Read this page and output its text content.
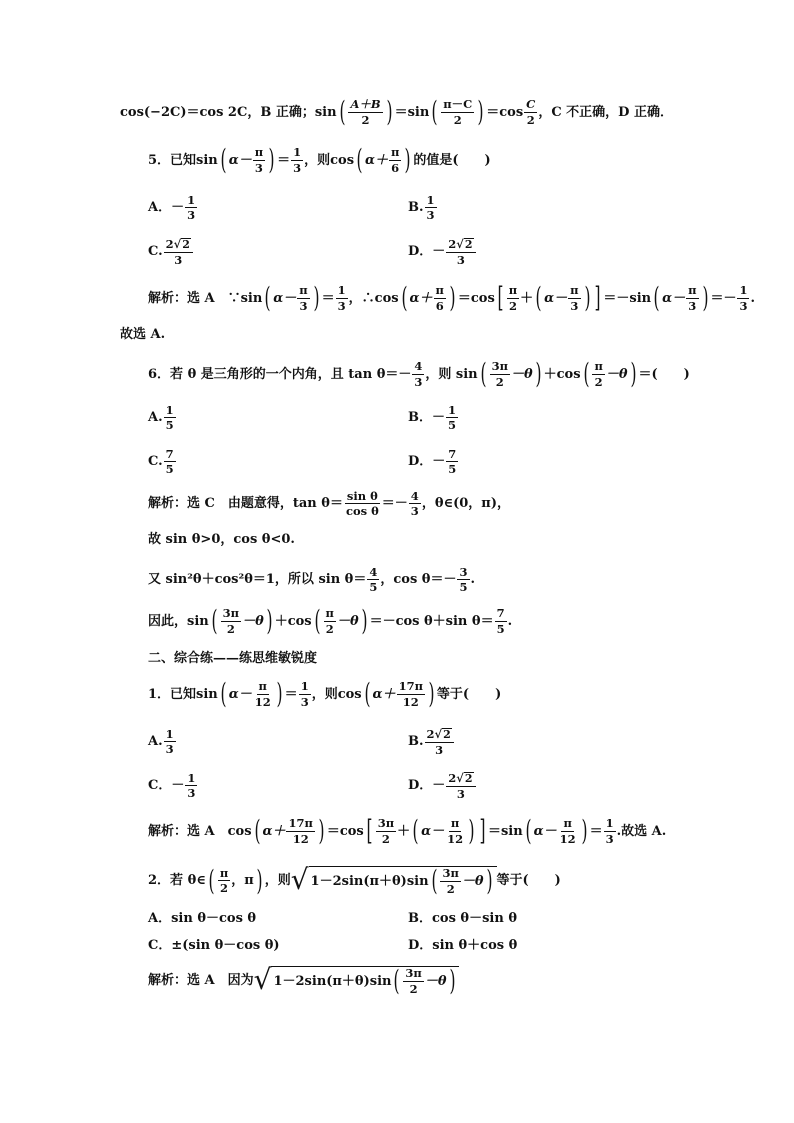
cos(−2C)＝cos 2C，B 正确；sin ( $\frac{A+B}{2}$ ) ＝sin ( $\frac{\pi-C}{2}$ ) $=\cos \frac{C}{2}$ ，C 不正确，D 正确．
5．已知sin ( $\alpha- \frac{\pi}{3}$ ) ＝ $\frac{1}{3}$ ，则cos ( $\alpha+ \frac{\pi}{6}$ ) 的值是(　　)
A．－ $\frac{1}{3}$	B. $\frac{1}{3}$
C. $\frac{2 √ 2}{3}$	D．－ $\frac{2 √ 2}{3}$
解析：选 A　∵sin ( $\alpha- \frac{\pi}{3}$ ) ＝ $\frac{1}{3}$ ，∴cos ( $\alpha+ \frac{\pi}{6}$ ) ＝cos [ $\frac{\pi}{2}$ ＋ ( $\alpha- \frac{\pi}{3}$ ) ] ＝－sin ( $\alpha- \frac{\pi}{3}$ ) ＝－ $\frac{1}{3}$ .
故选 A.
6．若 θ 是三角形的一个内角，且 $\tan \theta=- \frac{4}{3}$ ，则 sin ( $\frac{3\pi}{2} -\theta$ ) ＋cos ( $\frac{\pi}{2} -\theta$ ) ＝(　　)
A. $\frac{1}{5}$	B．－ $\frac{1}{5}$
C. $\frac{7}{5}$	D．－ $\frac{7}{5}$
解析：选 C　由题意得，$\tan \theta= \frac{\text{sin θ}}{\text{cos θ}} =- \frac{4}{3}$ ，θ∈(0，π)，
故 sin θ>0，cos θ<0.
又 sin²θ＋cos²θ＝1，所以 $\sin \theta= \frac{4}{5}$ ，$\cos \theta=- \frac{3}{5}$ .
因此，sin ( $\frac{3\pi}{2} -\theta$ ) ＋cos ( $\frac{\pi}{2} -\theta$ ) ＝－cos θ＋sin $\theta= \frac{7}{5}$ .
二、综合练——练思维敏锐度
1．已知sin ( $\alpha- \frac{\pi}{12}$ ) ＝ $\frac{1}{3}$ ，则cos ( $\alpha+ \frac{17\pi}{12}$ ) 等于(　　)
A. $\frac{1}{3}$	B. $\frac{2 √ 2}{3}$
C．－ $\frac{1}{3}$	D．－ $\frac{2 √ 2}{3}$
解析：选 A　cos ( $\alpha+ \frac{17\pi}{12}$ ) ＝cos [ $\frac{3\pi}{2}$ ＋ ( $\alpha- \frac{\pi}{12}$ ) ] ＝sin ( $\alpha- \frac{\pi}{12}$ ) ＝ $\frac{1}{3}$ .故选 A.
2．若 θ∈ ( $\frac{\pi}{2}$ ，π ) ，则 √ 1－2sin(π＋θ)sin ( $\frac{3\pi}{2} -\theta$ ) 等于(　　)
A．sin θ－cos θ	B．cos θ－sin θ
C．±(sin θ－cos θ)	D．sin θ＋cos θ
解析：选 A　因为 √ 1－2sin(π＋θ)sin ( $\frac{3\pi}{2} -\theta$ )
